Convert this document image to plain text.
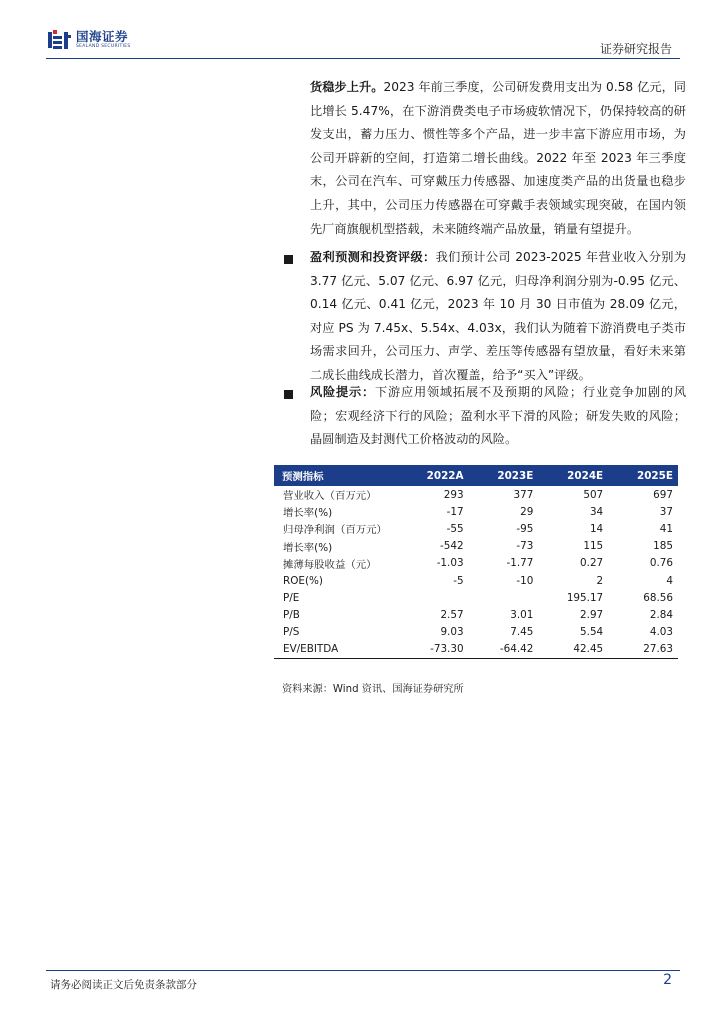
国海证券
SEALAND SECURITIES	证券研究报告
货稳步上升。2023 年前三季度，公司研发费用支出为 0.58 亿元，同比增长 5.47%，在下游消费类电子市场疲软情况下，仍保持较高的研发支出，蓄力压力、惯性等多个产品，进一步丰富下游应用市场，为公司开辟新的空间，打造第二增长曲线。2022 年至 2023 年三季度末，公司在汽车、可穿戴压力传感器、加速度类产品的出货量也稳步上升，其中，公司压力传感器在可穿戴手表领域实现突破，在国内领先厂商旗舰机型搭载，未来随终端产品放量，销量有望提升。
盈利预测和投资评级：我们预计公司 2023-2025 年营业收入分别为 3.77 亿元、5.07 亿元、6.97 亿元，归母净利润分别为-0.95 亿元、0.14 亿元、0.41 亿元，2023 年 10 月 30 日市值为 28.09 亿元，对应 PS 为 7.45x、5.54x、4.03x，我们认为随着下游消费电子类市场需求回升，公司压力、声学、差压等传感器有望放量，看好未来第二成长曲线成长潜力，首次覆盖，给予“买入”评级。
风险提示：下游应用领域拓展不及预期的风险；行业竞争加剧的风险；宏观经济下行的风险；盈利水平下滑的风险；研发失败的风险；晶圆制造及封测代工价格波动的风险。
预测指标	2022A	2023E	2024E	2025E
营业收入（百万元）	293	377	507	697
增长率(%)	-17	29	34	37
归母净利润（百万元）	-55	-95	14	41
增长率(%)	-542	-73	115	185
摊薄每股收益（元）	-1.03	-1.77	0.27	0.76
ROE(%)	-5	-10	2	4
P/E			195.17	68.56
P/B	2.57	3.01	2.97	2.84
P/S	9.03	7.45	5.54	4.03
EV/EBITDA	-73.30	-64.42	42.45	27.63
资料来源：Wind 资讯、国海证券研究所
请务必阅读正文后免责条款部分	2
